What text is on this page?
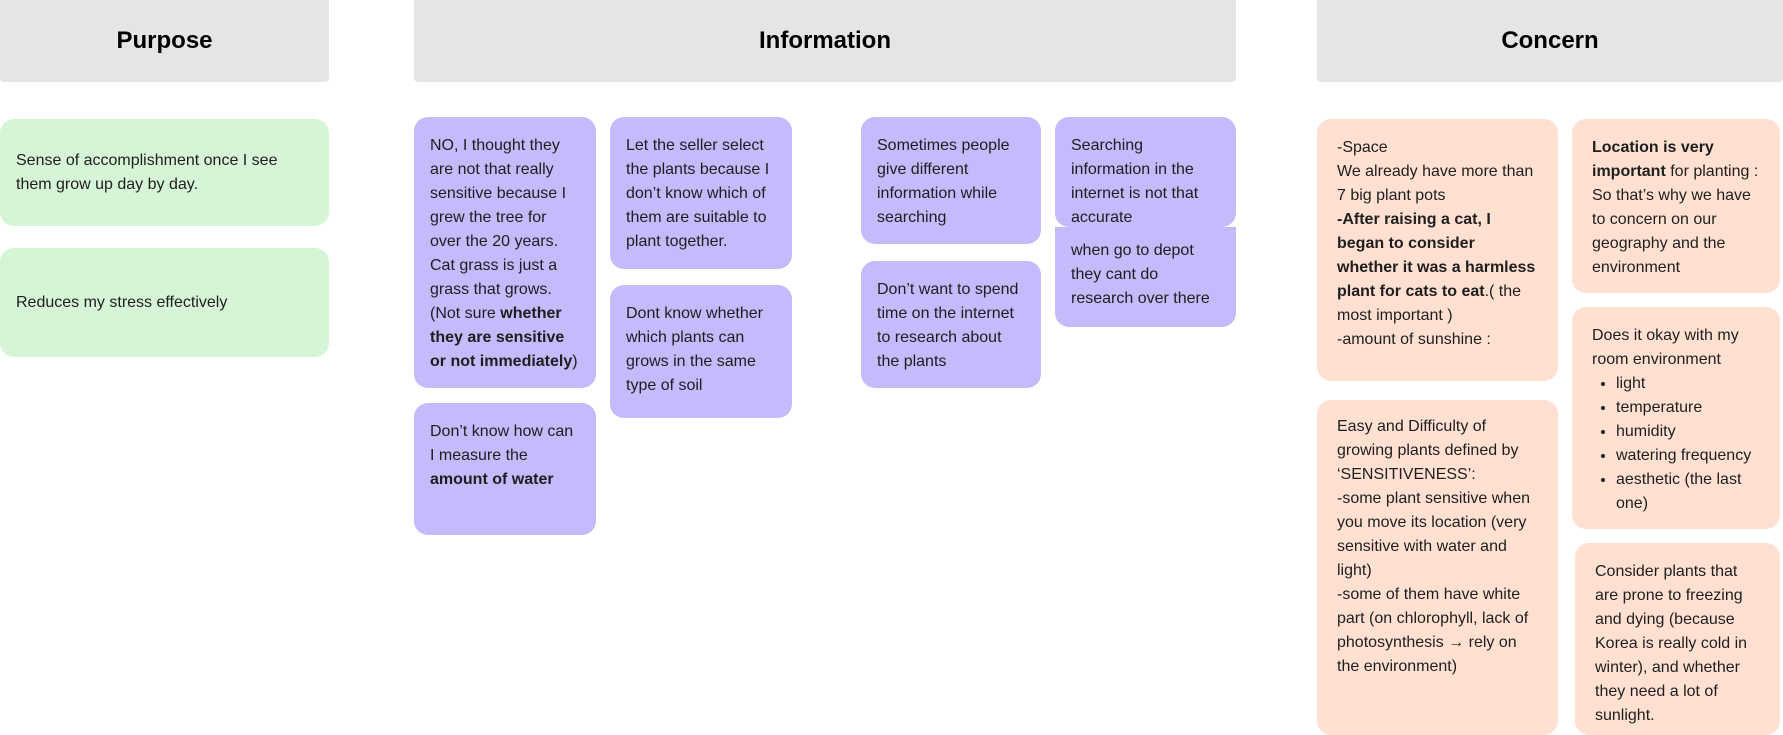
Purpose	Information	Concern

Sense of accomplishment once I see them grow up day by day.

Reduces my stress effectively

NO, I thought they are not that really sensitive because I grew the tree for over the 20 years. Cat grass is just a grass that grows. (Not sure whether they are sensitive or not immediately)

Don’t know how can I measure the amount of water

Let the seller select the plants because I don’t know which of them are suitable to plant together.

Dont know whether which plants can grows in the same type of soil

Sometimes people give different information while searching

Don’t want to spend time on the internet to research about the plants

Searching information in the internet is not that accurate

when go to depot they cant do research over there

-Space
We already have more than 7 big plant pots
-After raising a cat, I began to consider whether it was a harmless plant for cats to eat.( the most important )
-amount of sunshine :

Location is very important for planting : So that’s why we have to concern on our geography and the environment

Does it okay with my room environment

• light
• temperature
• humidity
• watering frequency
• aesthetic (the last one)

Easy and Difficulty of growing plants defined by ‘SENSITIVENESS’:
-some plant sensitive when you move its location (very sensitive with water and light)
-some of them have white part (on chlorophyll, lack of photosynthesis → rely on the environment)

Consider plants that are prone to freezing and dying (because Korea is really cold in winter), and whether they need a lot of sunlight.
